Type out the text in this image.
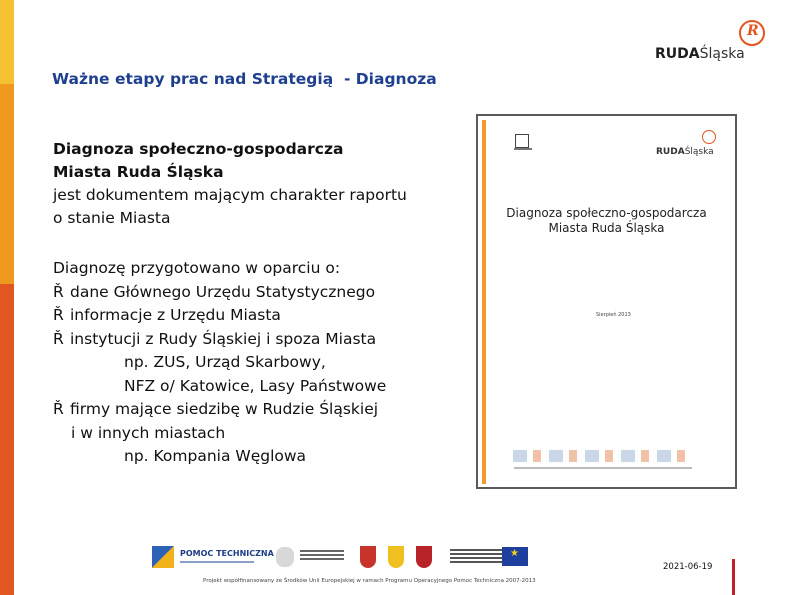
R
RUDAŚląska
Ważne etapy prac nad Strategią  - Diagnoza
Diagnoza społeczno-gospodarcza
Miasta Ruda Śląska
jest dokumentem mającym charakter raportu
o stanie Miasta
Diagnozę przygotowano w oparciu o:
Ř dane Głównego Urzędu Statystycznego
Ř informacje z Urzędu Miasta
Ř instytucji z Rudy Śląskiej i spoza Miasta
np. ZUS, Urząd Skarbowy,
NFZ o/ Katowice, Lasy Państwowe
Ř firmy mające siedzibę w Rudzie Śląskiej
i w innych miastach
np. Kompania Węglowa
RUDAŚląska
Diagnoza społeczno-gospodarcza
Miasta Ruda Śląska
Sierpień 2013
POMOC TECHNICZNA
★
Projekt współfinansowany ze Środków Unii Europejskiej w ramach Programu Operacyjnego Pomoc Techniczna 2007-2013
2021-06-19
